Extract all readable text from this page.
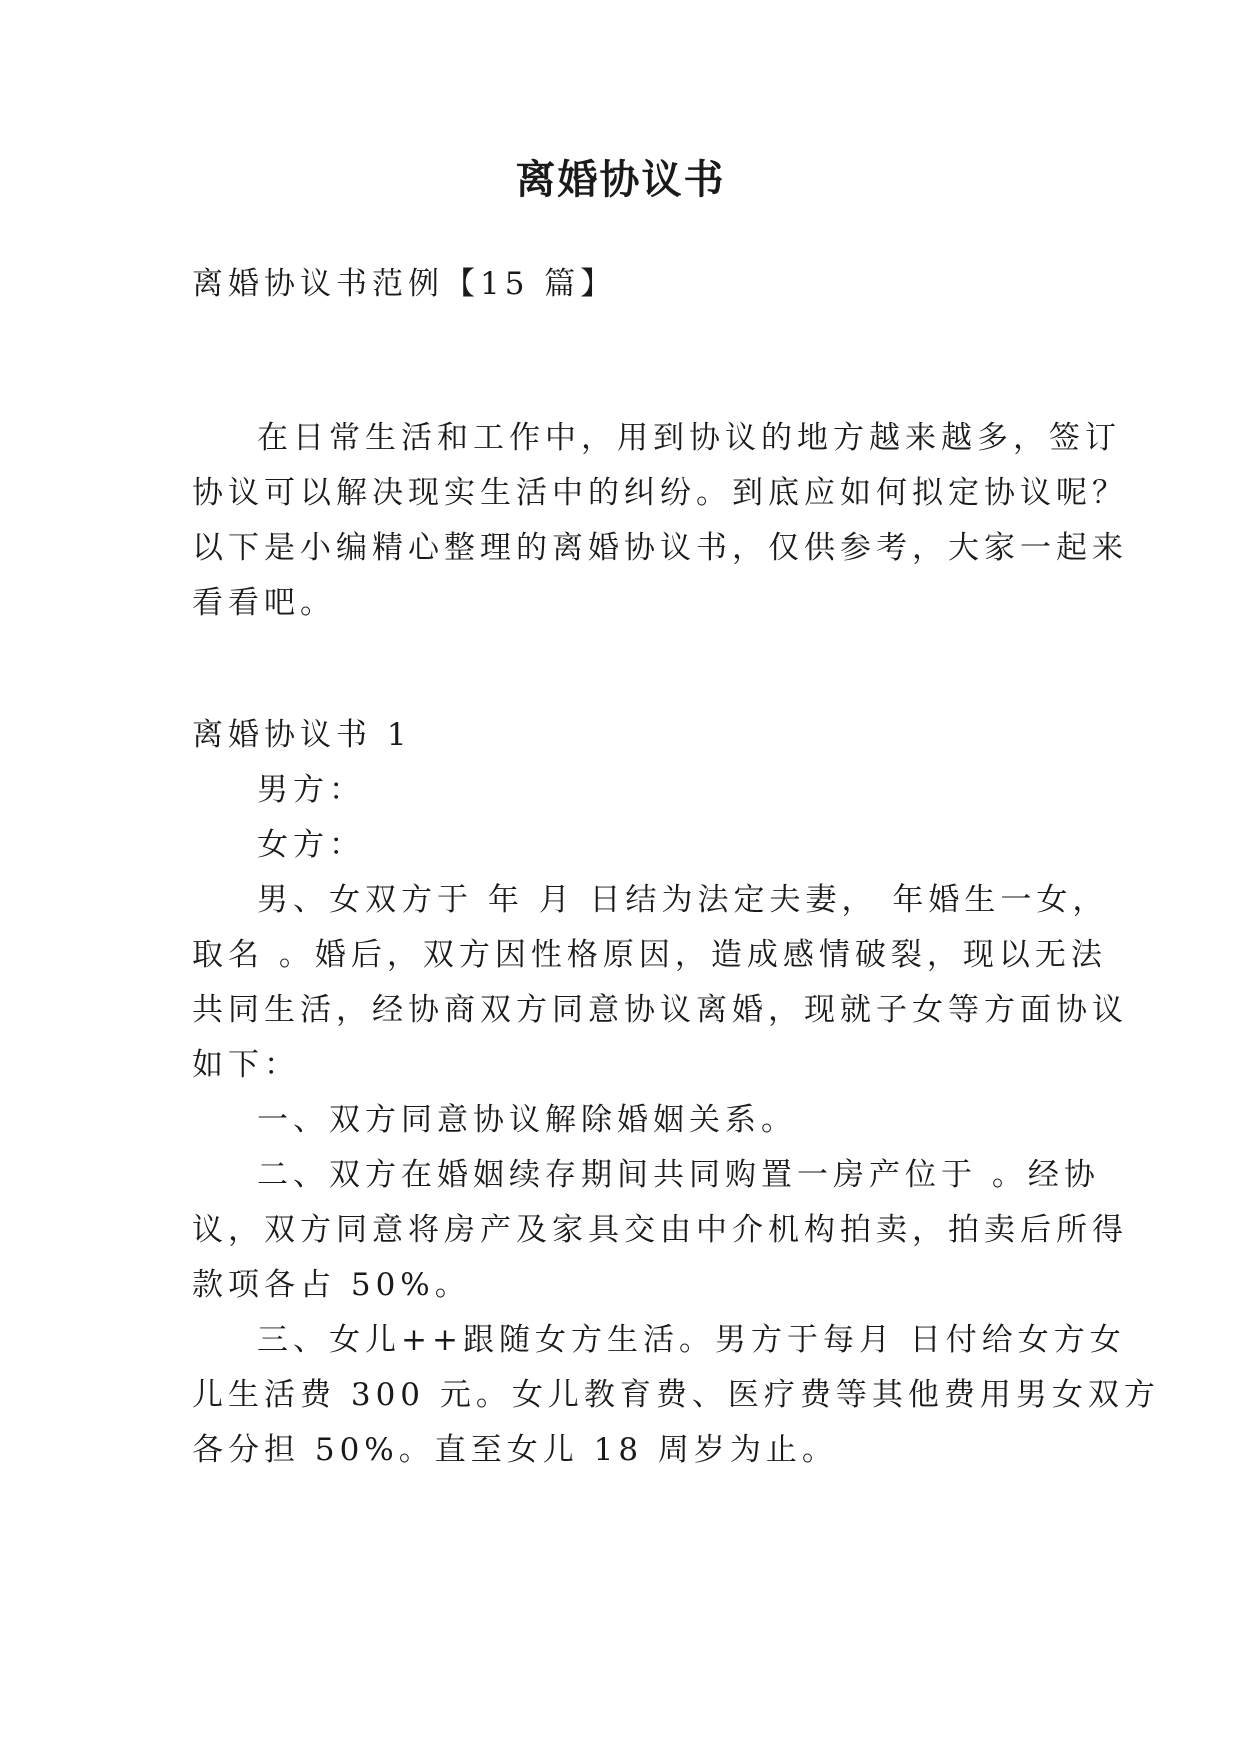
离婚协议书
离婚协议书范例【15 篇】
在日常生活和工作中，用到协议的地方越来越多，签订
协议可以解决现实生活中的纠纷。到底应如何拟定协议呢？
以下是小编精心整理的离婚协议书，仅供参考，大家一起来
看看吧。
离婚协议书 1
男方：
女方：
男、女双方于 年 月 日结为法定夫妻， 年婚生一女，
取名 。婚后，双方因性格原因，造成感情破裂，现以无法
共同生活，经协商双方同意协议离婚，现就子女等方面协议
如下：
一、双方同意协议解除婚姻关系。
二、双方在婚姻续存期间共同购置一房产位于 。经协
议，双方同意将房产及家具交由中介机构拍卖，拍卖后所得
款项各占 50%。
三、女儿++跟随女方生活。男方于每月 日付给女方女
儿生活费 300 元。女儿教育费、医疗费等其他费用男女双方
各分担 50%。直至女儿 18 周岁为止。
